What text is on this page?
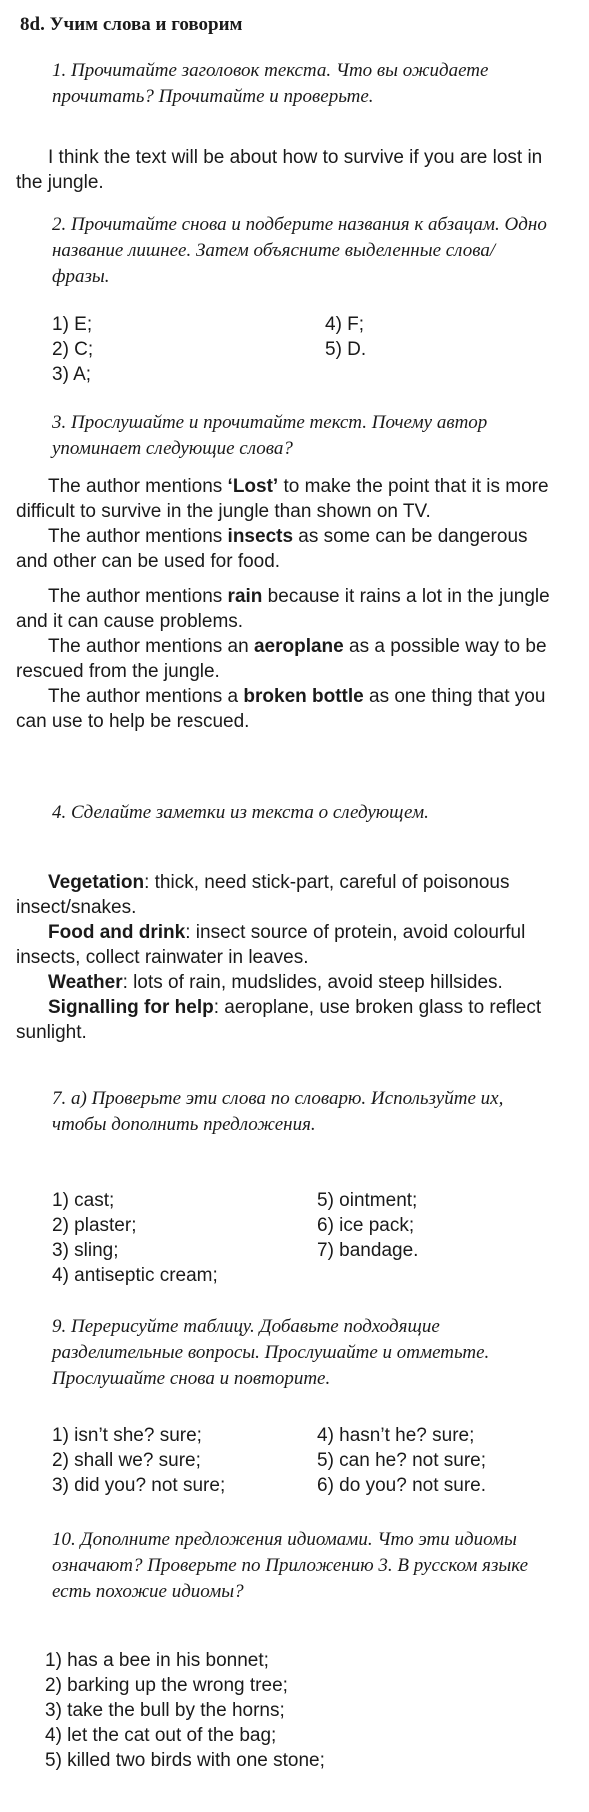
8d. Учим слова и говорим
1. Прочитайте заголовок текста. Что вы ожидаете прочитать? Прочитайте и проверьте.

I think the text will be about how to survive if you are lost in the jungle.

2. Прочитайте снова и подберите названия к абзацам. Одно название лишнее. Затем объясните выделенные слова/фразы.
1) E;
2) C;
3) A;
4) F;
5) D.
3. Прослушайте и прочитайте текст. Почему автор упоминает следующие слова?

The author mentions ‘Lost’ to make the point that it is more difficult to survive in the jungle than shown on TV.

The author mentions insects as some can be dangerous and other can be used for food.

The author mentions rain because it rains a lot in the jungle and it can cause problems.

The author mentions an aeroplane as a possible way to be rescued from the jungle.

The author mentions a broken bottle as one thing that you can use to help be rescued.

4. Сделайте заметки из текста о следующем.

Vegetation: thick, need stick-part, careful of poisonous insect/snakes.

Food and drink: insect source of protein, avoid colourful insects, collect rainwater in leaves.

Weather: lots of rain, mudslides, avoid steep hillsides.

Signalling for help: aeroplane, use broken glass to reflect sunlight.

7. а) Проверьте эти слова по словарю. Используйте их, чтобы дополнить предложения.
1) cast;
2) plaster;
3) sling;
4) antiseptic cream;
5) ointment;
6) ice pack;
7) bandage.
9. Перерисуйте таблицу. Добавьте подходящие разделительные вопросы. Прослушайте и отметьте. Прослушайте снова и повторите.
1) isn’t she? sure;
2) shall we? sure;
3) did you? not sure;
4) hasn’t he? sure;
5) can he? not sure;
6) do you? not sure.
10. Дополните предложения идиомами. Что эти идиомы означают? Проверьте по Приложению 3. В русском языке есть похожие идиомы?
1) has a bee in his bonnet;
2) barking up the wrong tree;
3) take the bull by the horns;
4) let the cat out of the bag;
5) killed two birds with one stone;
